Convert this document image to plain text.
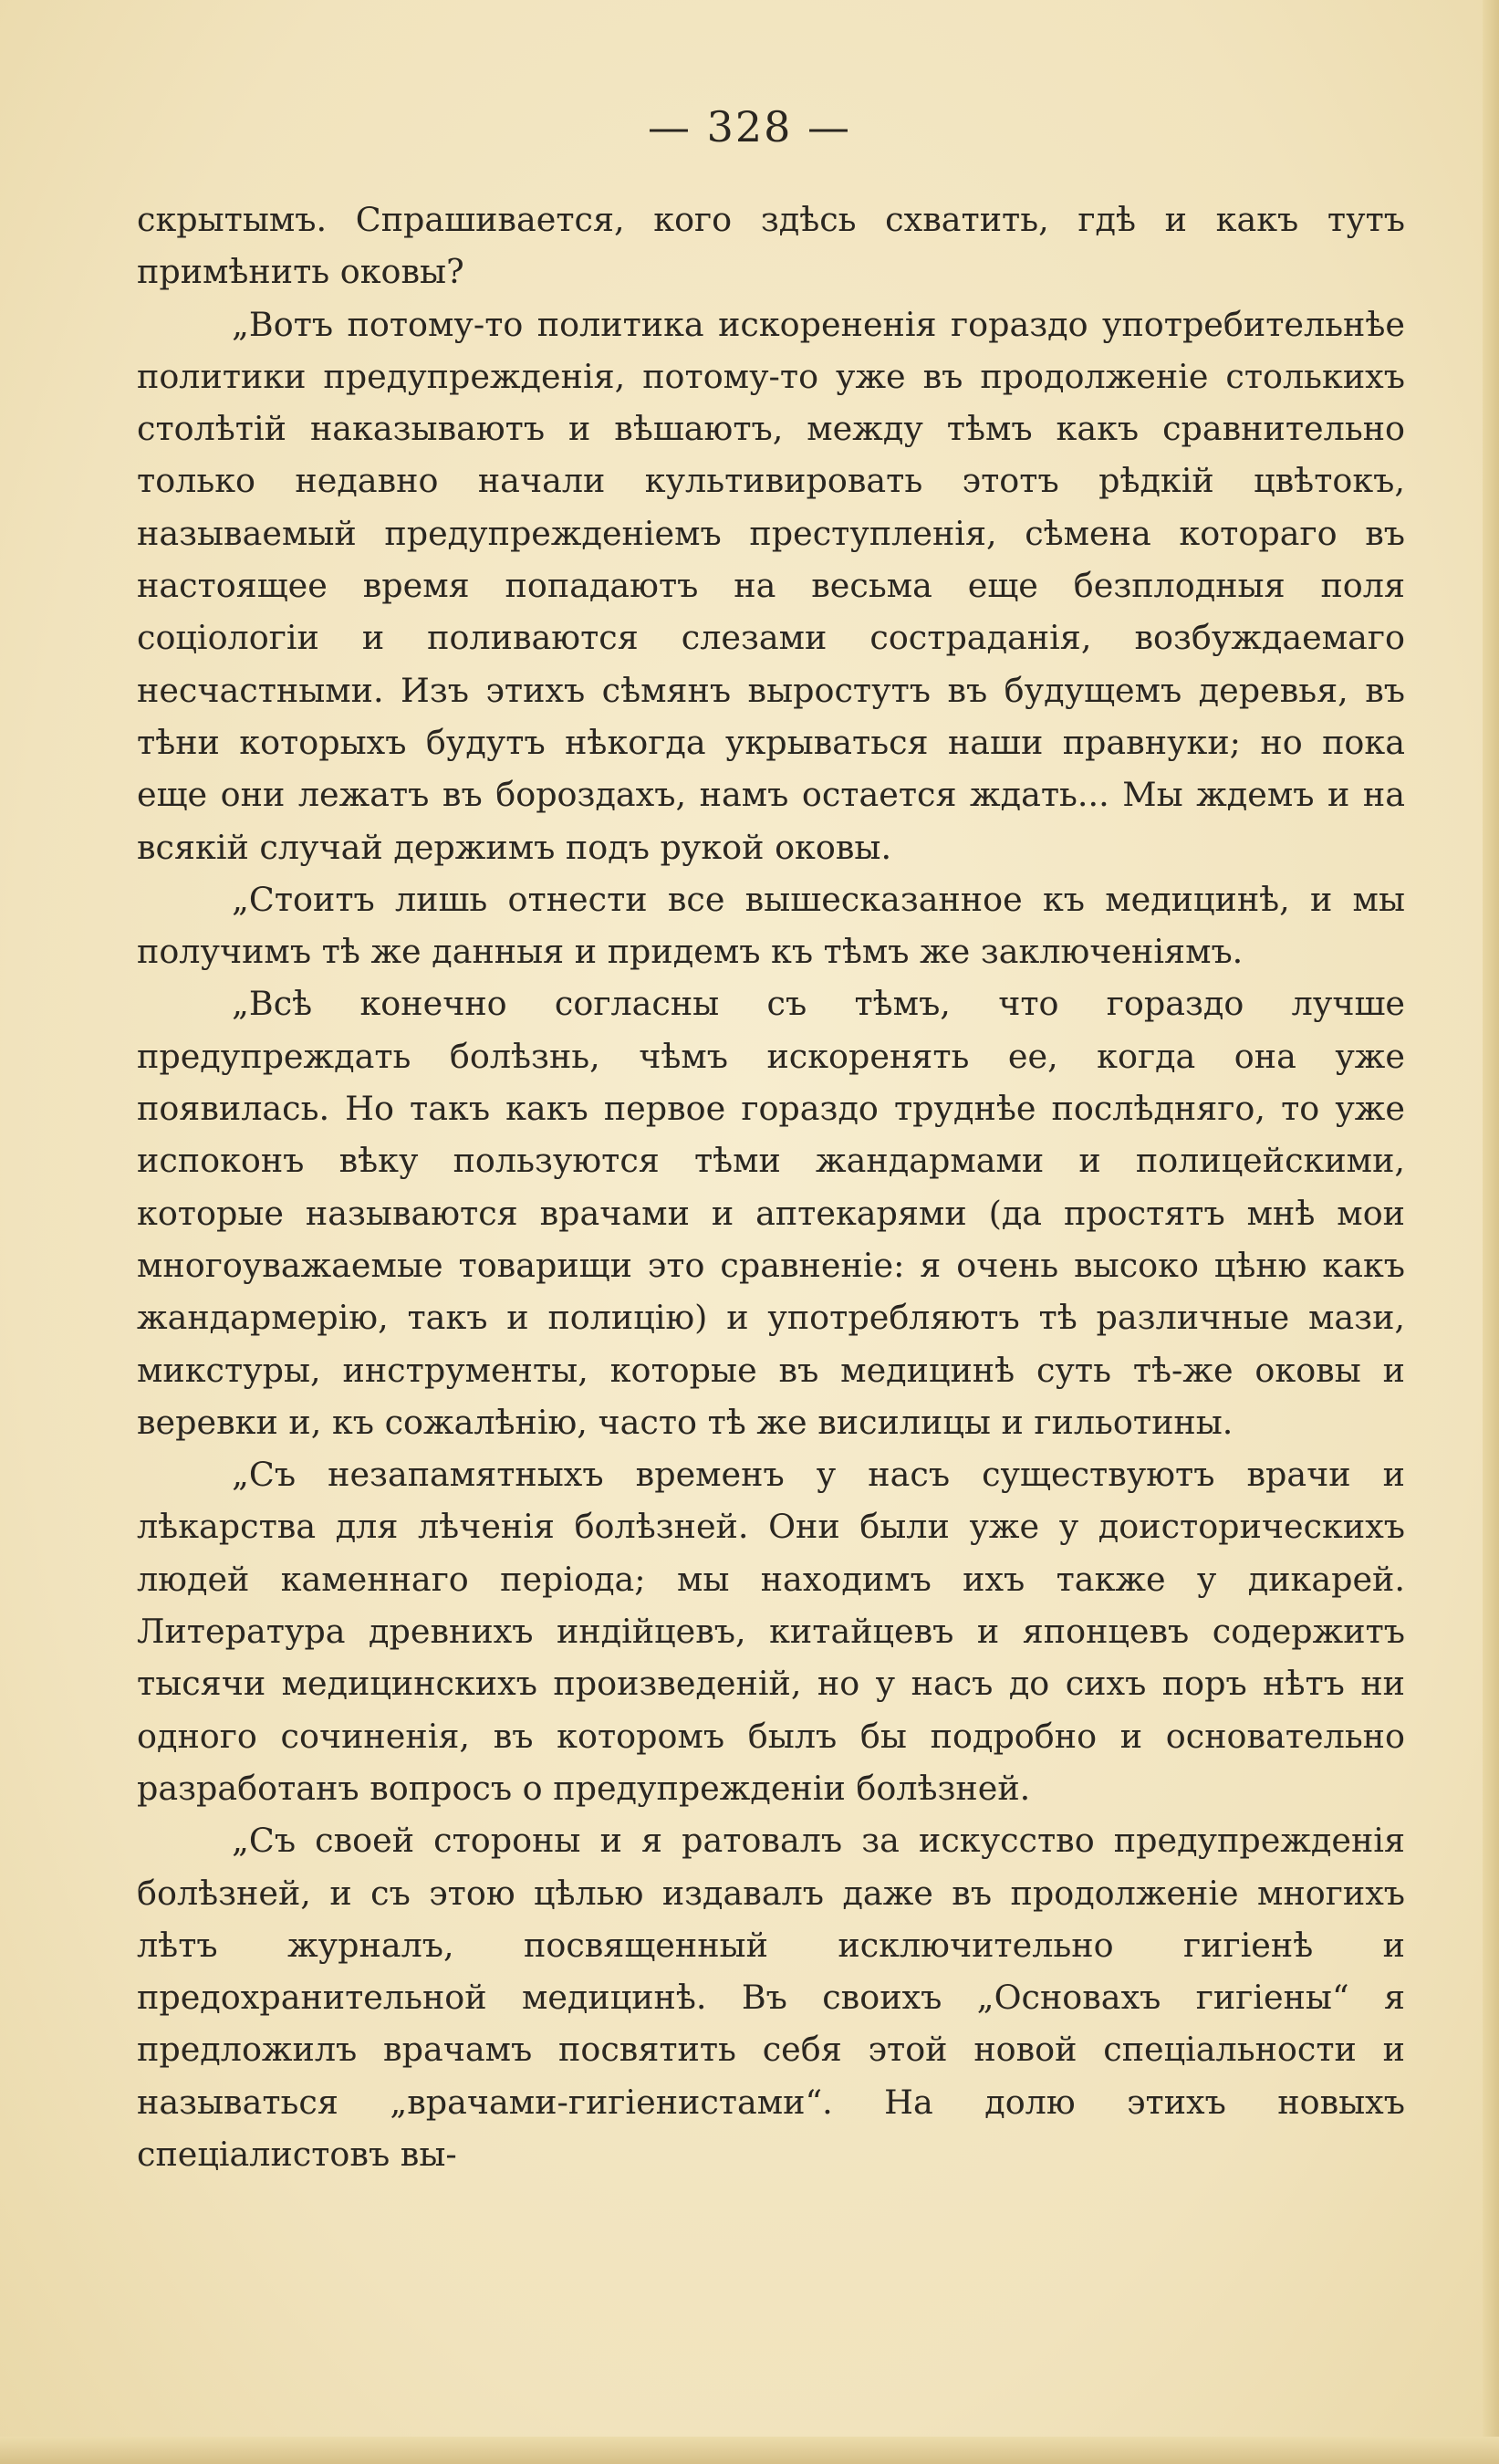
— 328 —

скрытымъ. Спрашивается, кого здѣсь схватить, гдѣ и какъ тутъ примѣнить оковы?

„Вотъ потому-то политика искорененія гораздо употребительнѣе политики предупрежденія, потому-то уже въ продолженіе столькихъ столѣтій наказываютъ и вѣшаютъ, между тѣмъ какъ сравнительно только недавно начали культивировать этотъ рѣдкій цвѣтокъ, называемый предупрежденіемъ преступленія, сѣмена котораго въ настоящее время попадаютъ на весьма еще безплодныя поля соціологіи и поливаются слезами состраданія, возбуждаемаго несчастными. Изъ этихъ сѣмянъ выростутъ въ будущемъ деревья, въ тѣни которыхъ будутъ нѣкогда укрываться наши правнуки; но пока еще они лежатъ въ бороздахъ, намъ остается ждать... Мы ждемъ и на всякій случай держимъ подъ рукой оковы.

„Стоитъ лишь отнести все вышесказанное къ медицинѣ, и мы получимъ тѣ же данныя и придемъ къ тѣмъ же заключеніямъ.

„Всѣ конечно согласны съ тѣмъ, что гораздо лучше предупреждать болѣзнь, чѣмъ искоренять ее, когда она уже появилась. Но такъ какъ первое гораздо труднѣе послѣдняго, то уже испоконъ вѣку пользуются тѣми жандармами и полицейскими, которые называются врачами и аптекарями (да простятъ мнѣ мои многоуважаемые товарищи это сравненіе: я очень высоко цѣню какъ жандармерію, такъ и полицію) и употребляютъ тѣ различные мази, микстуры, инструменты, которые въ медицинѣ суть тѣ-же оковы и веревки и, къ сожалѣнію, часто тѣ же висилицы и гильотины.

„Съ незапамятныхъ временъ у насъ существуютъ врачи и лѣкарства для лѣченія болѣзней. Они были уже у доисторическихъ людей каменнаго періода; мы находимъ ихъ также у дикарей. Литература древнихъ индійцевъ, китайцевъ и японцевъ содержитъ тысячи медицинскихъ произведеній, но у насъ до сихъ поръ нѣтъ ни одного сочиненія, въ которомъ былъ бы подробно и основательно разработанъ вопросъ о предупрежденіи болѣзней.

„Съ своей стороны и я ратовалъ за искусство предупрежденія болѣзней, и съ этою цѣлью издавалъ даже въ продолженіе многихъ лѣтъ журналъ, посвященный исключительно гигіенѣ и предохранительной медицинѣ. Въ своихъ „Основахъ гигіены“ я предложилъ врачамъ посвятить себя этой новой спеціальности и называться „врачами-гигіенистами“. На долю этихъ новыхъ спеціалистовъ вы-
